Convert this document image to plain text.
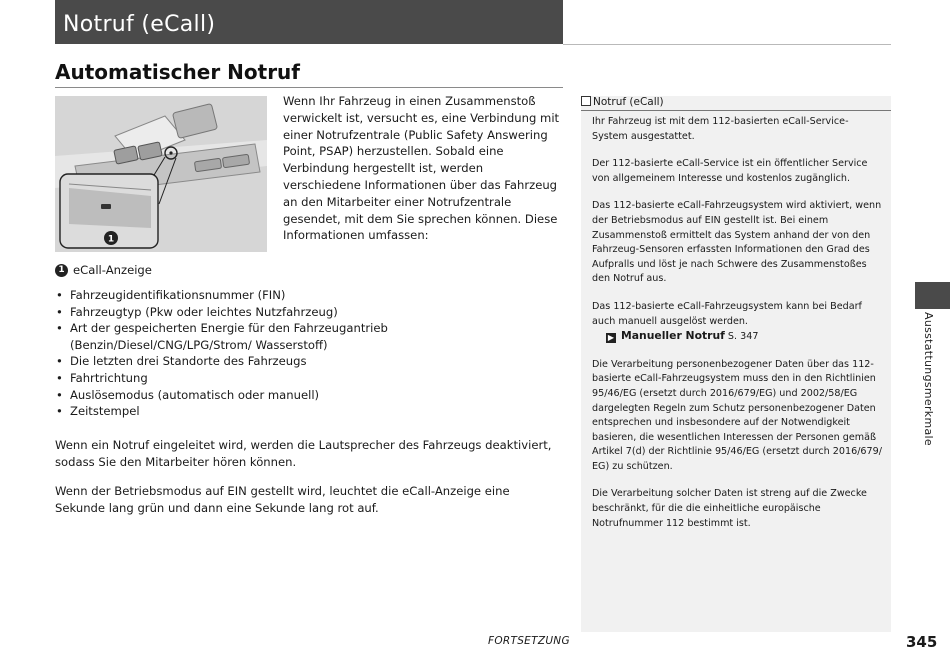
Notruf (eCall)
Automatischer Notruf
1
Wenn Ihr Fahrzeug in einen Zusammenstoß verwickelt ist, versucht es, eine Verbindung mit einer Notrufzentrale (Public Safety Answering Point, PSAP) herzustellen. Sobald eine Verbindung hergestellt ist, werden verschiedene Informationen über das Fahrzeug an den Mitarbeiter einer Notrufzentrale gesendet, mit dem Sie sprechen können. Diese Informationen umfassen:
1 eCall-Anzeige
• Fahrzeugidentifikationsnummer (FIN)
• Fahrzeugtyp (Pkw oder leichtes Nutzfahrzeug)
• Art der gespeicherten Energie für den Fahrzeugantrieb (Benzin/Diesel/CNG/LPG/Strom/ Wasserstoff)
• Die letzten drei Standorte des Fahrzeugs
• Fahrtrichtung
• Auslösemodus (automatisch oder manuell)
• Zeitstempel
Wenn ein Notruf eingeleitet wird, werden die Lautsprecher des Fahrzeugs deaktiviert, sodass Sie den Mitarbeiter hören können.
Wenn der Betriebsmodus auf EIN gestellt wird, leuchtet die eCall-Anzeige eine Sekunde lang grün und dann eine Sekunde lang rot auf.
Notruf (eCall)

Ihr Fahrzeug ist mit dem 112-basierten eCall-Service-System ausgestattet.

Der 112-basierte eCall-Service ist ein öffentlicher Service von allgemeinem Interesse und kostenlos zugänglich.

Das 112-basierte eCall-Fahrzeugsystem wird aktiviert, wenn der Betriebsmodus auf EIN gestellt ist. Bei einem Zusammenstoß ermittelt das System anhand der von den Fahrzeug-Sensoren erfassten Informationen den Grad des Aufpralls und löst je nach Schwere des Zusammenstoßes den Notruf aus.

Das 112-basierte eCall-Fahrzeugsystem kann bei Bedarf auch manuell ausgelöst werden.
▶ Manueller Notruf S. 347

Die Verarbeitung personenbezogener Daten über das 112-basierte eCall-Fahrzeugsystem muss den in den Richtlinien 95/46/EG (ersetzt durch 2016/679/EG) und 2002/58/EG dargelegten Regeln zum Schutz personenbezogener Daten entsprechen und insbesondere auf der Notwendigkeit basieren, die wesentlichen Interessen der Personen gemäß Artikel 7(d) der Richtlinie 95/46/EG (ersetzt durch 2016/679/ EG) zu schützen.

Die Verarbeitung solcher Daten ist streng auf die Zwecke beschränkt, für die die einheitliche europäische Notrufnummer 112 bestimmt ist.

Ausstattungsmerkmale
FORTSETZUNG	345
